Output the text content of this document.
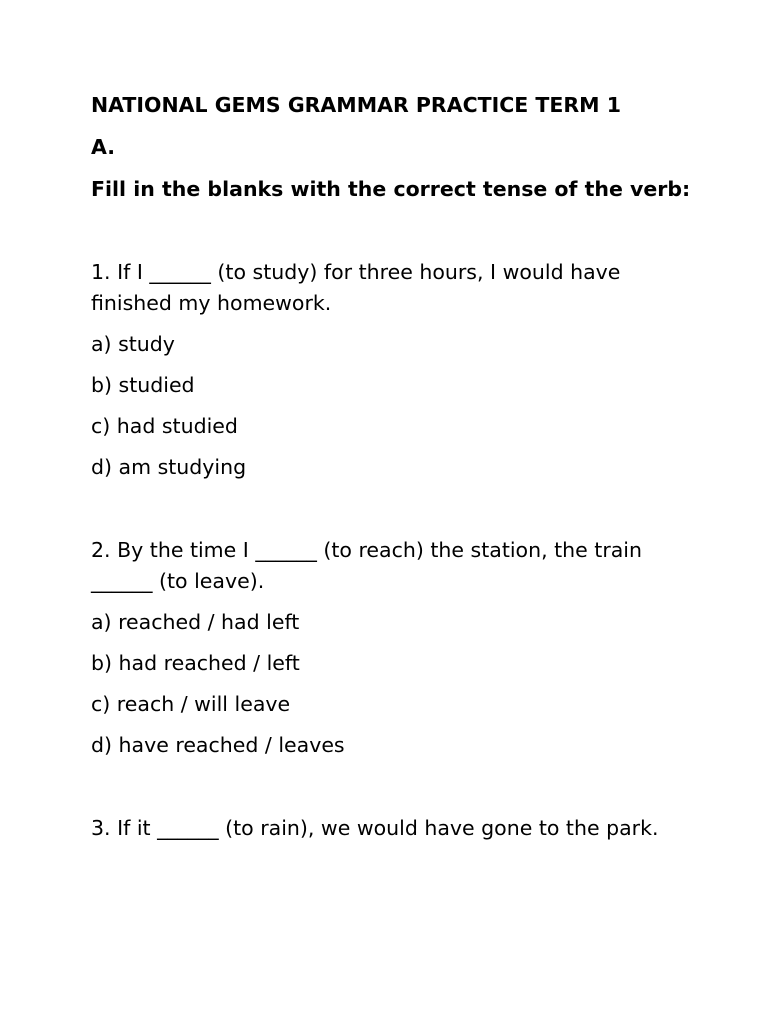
NATIONAL GEMS GRAMMAR PRACTICE TERM 1
A.
Fill in the blanks with the correct tense of the verb:
1. If I ______ (to study) for three hours, I would have finished my homework.
a) study
b) studied
c) had studied
d) am studying
2. By the time I ______ (to reach) the station, the train ______ (to leave).
a) reached / had left
b) had reached / left
c) reach / will leave
d) have reached / leaves
3. If it ______ (to rain), we would have gone to the park.
